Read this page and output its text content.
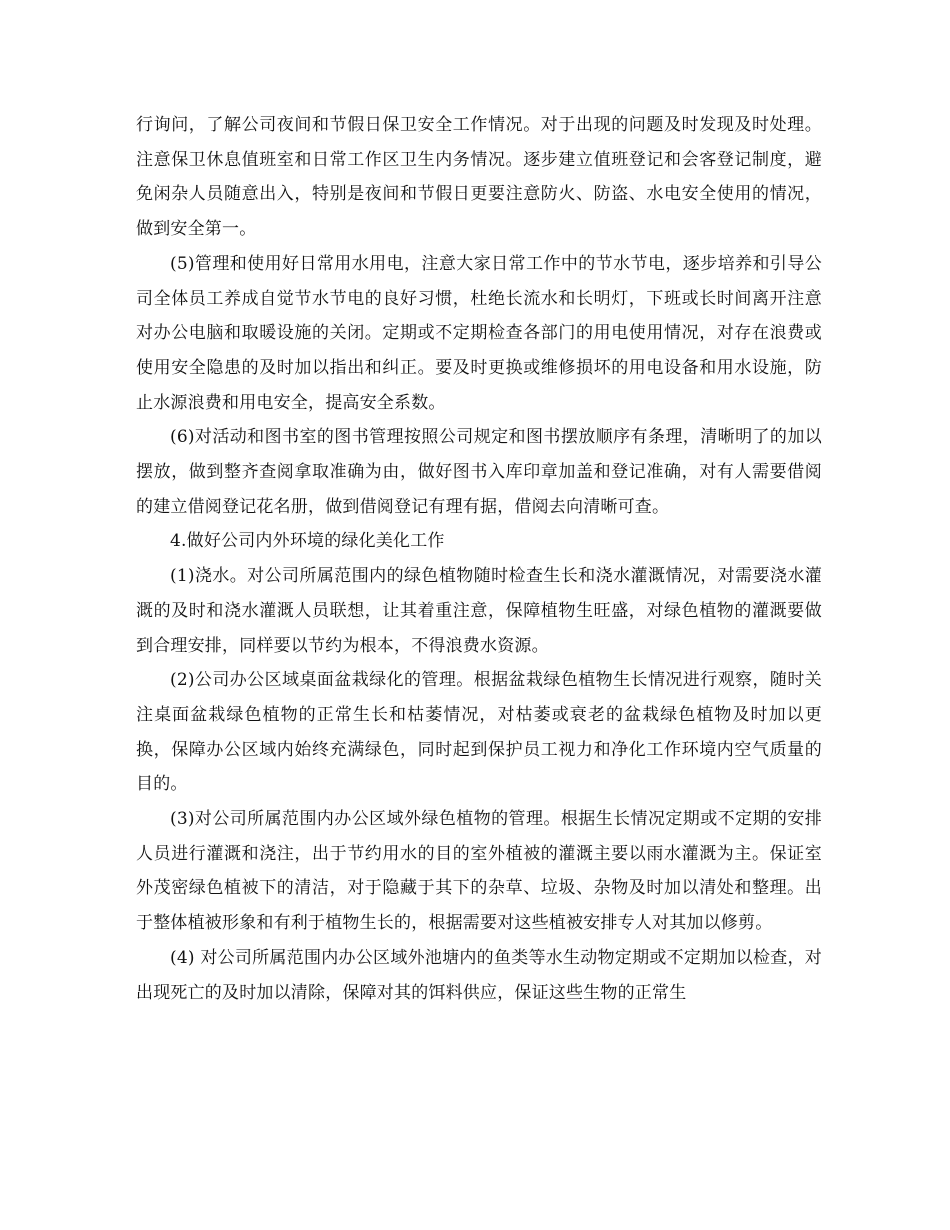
行询问，了解公司夜间和节假日保卫安全工作情况。对于出现的问题及时发现及时处理。注意保卫休息值班室和日常工作区卫生内务情况。逐步建立值班登记和会客登记制度，避免闲杂人员随意出入，特别是夜间和节假日更要注意防火、防盗、水电安全使用的情况，做到安全第一。

(5)管理和使用好日常用水用电，注意大家日常工作中的节水节电，逐步培养和引导公司全体员工养成自觉节水节电的良好习惯，杜绝长流水和长明灯，下班或长时间离开注意对办公电脑和取暖设施的关闭。定期或不定期检查各部门的用电使用情况，对存在浪费或使用安全隐患的及时加以指出和纠正。要及时更换或维修损坏的用电设备和用水设施，防止水源浪费和用电安全，提高安全系数。

(6)对活动和图书室的图书管理按照公司规定和图书摆放顺序有条理，清晰明了的加以摆放，做到整齐查阅拿取准确为由，做好图书入库印章加盖和登记准确，对有人需要借阅的建立借阅登记花名册，做到借阅登记有理有据，借阅去向清晰可查。

4.做好公司内外环境的绿化美化工作

(1)浇水。对公司所属范围内的绿色植物随时检查生长和浇水灌溉情况，对需要浇水灌溉的及时和浇水灌溉人员联想，让其着重注意，保障植物生旺盛，对绿色植物的灌溉要做到合理安排，同样要以节约为根本，不得浪费水资源。

(2)公司办公区域桌面盆栽绿化的管理。根据盆栽绿色植物生长情况进行观察，随时关注桌面盆栽绿色植物的正常生长和枯萎情况，对枯萎或衰老的盆栽绿色植物及时加以更换，保障办公区域内始终充满绿色，同时起到保护员工视力和净化工作环境内空气质量的目的。

(3)对公司所属范围内办公区域外绿色植物的管理。根据生长情况定期或不定期的安排人员进行灌溉和浇注，出于节约用水的目的室外植被的灌溉主要以雨水灌溉为主。保证室外茂密绿色植被下的清洁，对于隐藏于其下的杂草、垃圾、杂物及时加以清处和整理。出于整体植被形象和有利于植物生长的，根据需要对这些植被安排专人对其加以修剪。

(4) 对公司所属范围内办公区域外池塘内的鱼类等水生动物定期或不定期加以检查，对出现死亡的及时加以清除，保障对其的饵料供应，保证这些生物的正常生
